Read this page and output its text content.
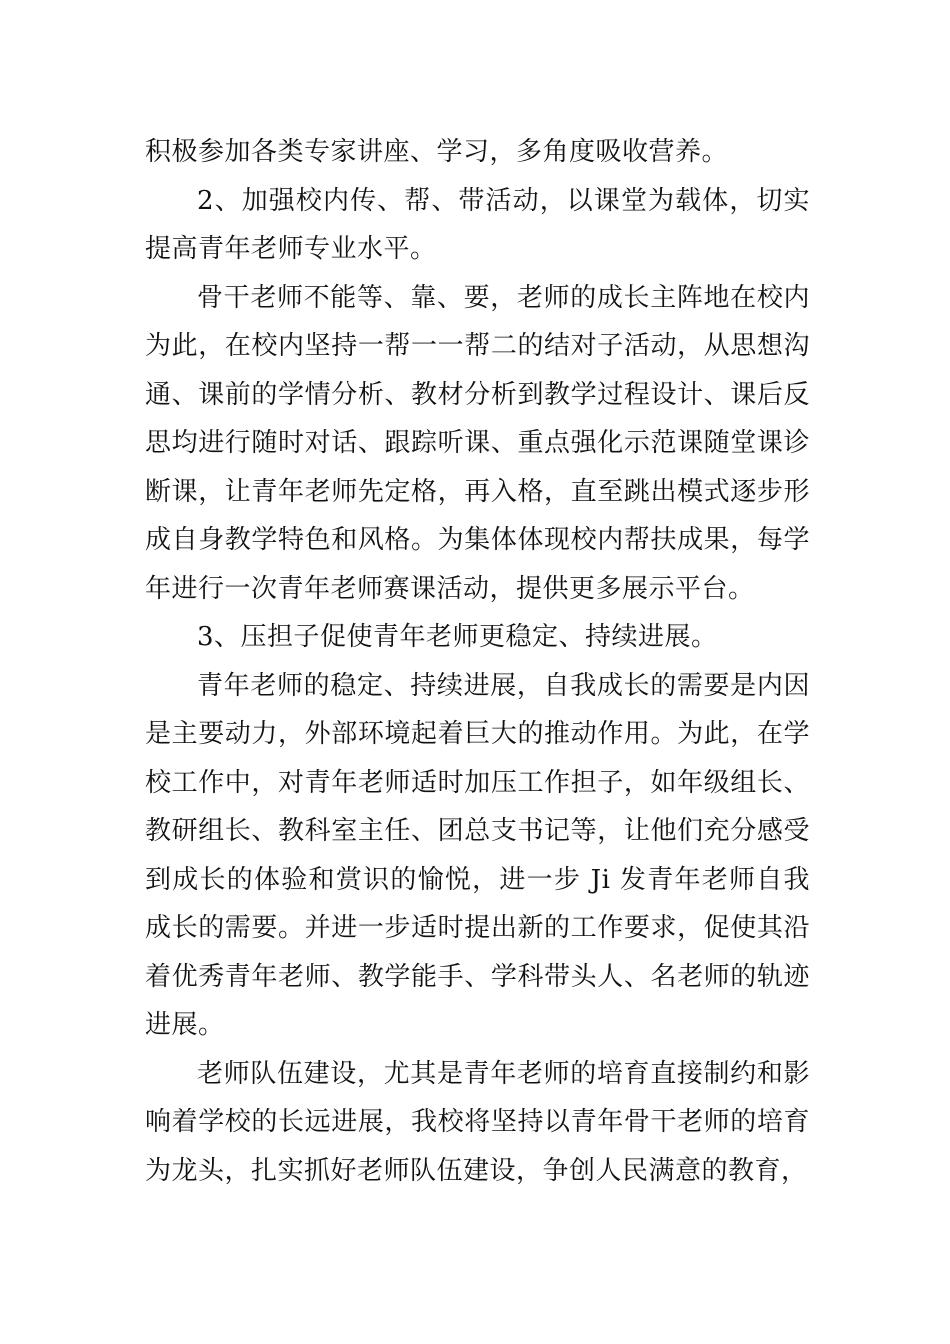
积极参加各类专家讲座、学习，多角度吸收营养。

2、加强校内传、帮、带活动，以课堂为载体，切实提高青年老师专业水平。

骨干老师不能等、靠、要，老师的成长主阵地在校内为此，在校内坚持一帮一一帮二的结对子活动，从思想沟通、课前的学情分析、教材分析到教学过程设计、课后反思均进行随时对话、跟踪听课、重点强化示范课随堂课诊断课，让青年老师先定格，再入格，直至跳出模式逐步形成自身教学特色和风格。为集体体现校内帮扶成果，每学年进行一次青年老师赛课活动，提供更多展示平台。

3、压担子促使青年老师更稳定、持续进展。

青年老师的稳定、持续进展，自我成长的需要是内因是主要动力，外部环境起着巨大的推动作用。为此，在学校工作中，对青年老师适时加压工作担子，如年级组长、教研组长、教科室主任、团总支书记等，让他们充分感受到成长的体验和赏识的愉悦，进一步 Ji 发青年老师自我成长的需要。并进一步适时提出新的工作要求，促使其沿着优秀青年老师、教学能手、学科带头人、名老师的轨迹进展。

老师队伍建设，尤其是青年老师的培育直接制约和影响着学校的长远进展，我校将坚持以青年骨干老师的培育为龙头，扎实抓好老师队伍建设，争创人民满意的教育，
